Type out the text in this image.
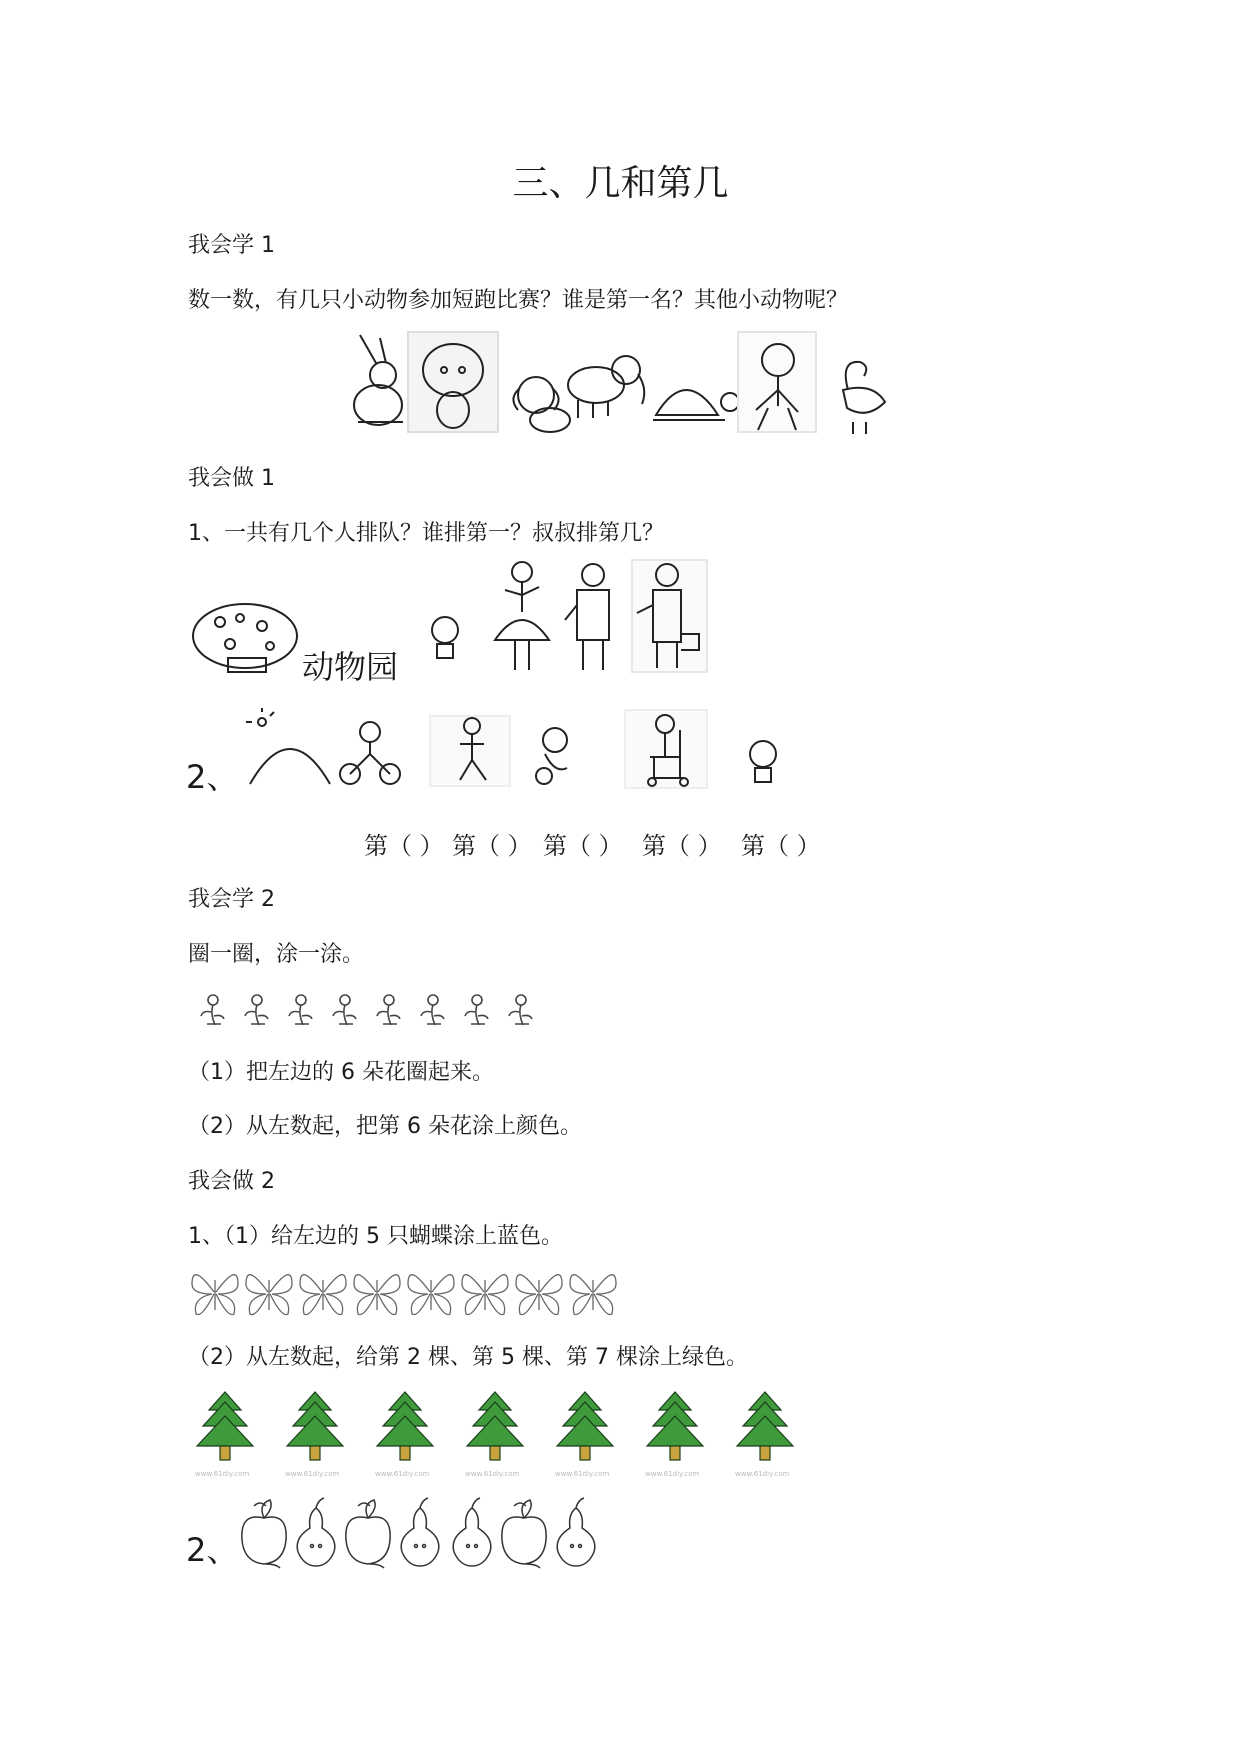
三、几和第几
我会学 1
数一数，有几只小动物参加短跑比赛？谁是第一名？其他小动物呢？
我会做 1
1、一共有几个人排队？谁排第一？叔叔排第几？
动物园
2、
第（ ） 第（ ） 第（ ） 第（ ） 第（ ）
我会学 2
圈一圈，涂一涂。
（1）把左边的 6 朵花圈起来。
（2）从左数起，把第 6 朵花涂上颜色。
我会做 2
1、（1）给左边的 5 只蝴蝶涂上蓝色。
（2）从左数起，给第 2 棵、第 5 棵、第 7 棵涂上绿色。
www.61diy.com	www.61diy.com	www.61diy.com	www.61diy.com	www.61diy.com	www.61diy.com	www.61diy.com
2、
